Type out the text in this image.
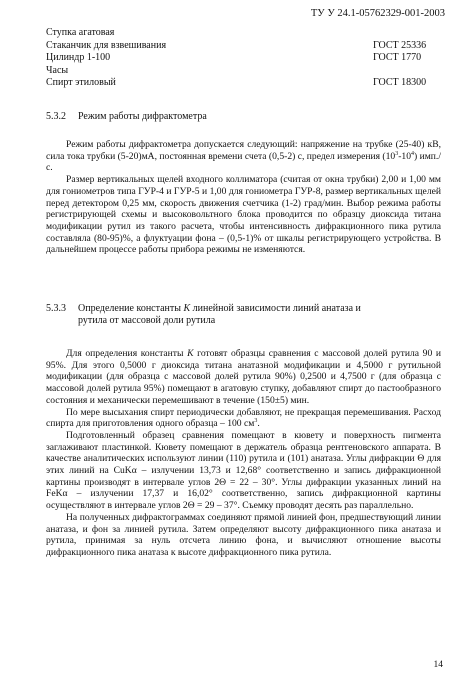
ТУ У 24.1-05762329-001-2003
Ступка агатовая
Стаканчик для взвешивания	ГОСТ 25336
Цилиндр 1-100	ГОСТ 1770
Часы
Спирт этиловый	ГОСТ 18300
5.3.2 Режим работы дифрактометра

Режим работы дифрактометра допускается следующий: напряжение на трубке (25-40) кВ, сила тока трубки (5-20)мА, постоянная времени счета (0,5-2) с, предел измерения $(10^3-10^4)$ имп./с.

Размер вертикальных щелей входного коллиматора (считая от окна трубки) 2,00 и 1,00 мм для гониометров типа ГУР-4 и ГУР-5 и 1,00 для гониометра ГУР-8, размер вертикальных щелей перед детектором 0,25 мм, скорость движения счетчика (1-2) град/мин. Выбор режима работы регистрирующей схемы и высоковольтного блока проводится по образцу диоксида титана модификации рутил из такого расчета, чтобы интенсивность дифракционного пика рутила составляла (80-95)%, а флуктуации фона – (0,5-1)% от шкалы регистрирующего устройства. В дальнейшем процессе работы прибора режимы не изменяются.

5.3.3 Определение константы K линейной зависимости линий анатаза и
рутила от массовой доли рутила

Для определения константы K готовят образцы сравнения с массовой долей рутила 90 и 95%. Для этого 0,5000 г диоксида титана анатазной модификации и 4,5000 г рутильной модификации (для образца с массовой долей рутила 90%) 0,2500 и 4,7500 г (для образца с массовой долей рутила 95%) помещают в агатовую ступку, добавляют спирт до пастообразного состояния и механически перемешивают в течение (150±5) мин.

По мере высыхания спирт периодически добавляют, не прекращая перемешивания. Расход спирта для приготовления одного образца – 100 $см^3$.

Подготовленный образец сравнения помещают в кювету и поверхность пигмента заглаживают пластинкой. Кювету помещают в держатель образца рентгеновского аппарата. В качестве аналитических используют линии (110) рутила и (101) анатаза. Углы дифракции Θ для этих линий на CuKα – излучении 13,73 и 12,68° соответственно и запись дифракционной картины производят в интервале углов 2Θ = 22 – 30°. Углы дифракции указанных линий на FeKα – излучении 17,37 и 16,02° соответственно, запись дифракционной картины осуществляют в интервале углов 2Θ = 29 – 37°. Съемку проводят десять раз параллельно.

На полученных дифрактограммах соединяют прямой линией фон, предшествующий линии анатаза, и фон за линией рутила. Затем определяют высоту дифракционного пика анатаза и рутила, принимая за нуль отсчета линию фона, и вычисляют отношение высоты дифракционного пика анатаза к высоте дифракционного пика рутила.

14
